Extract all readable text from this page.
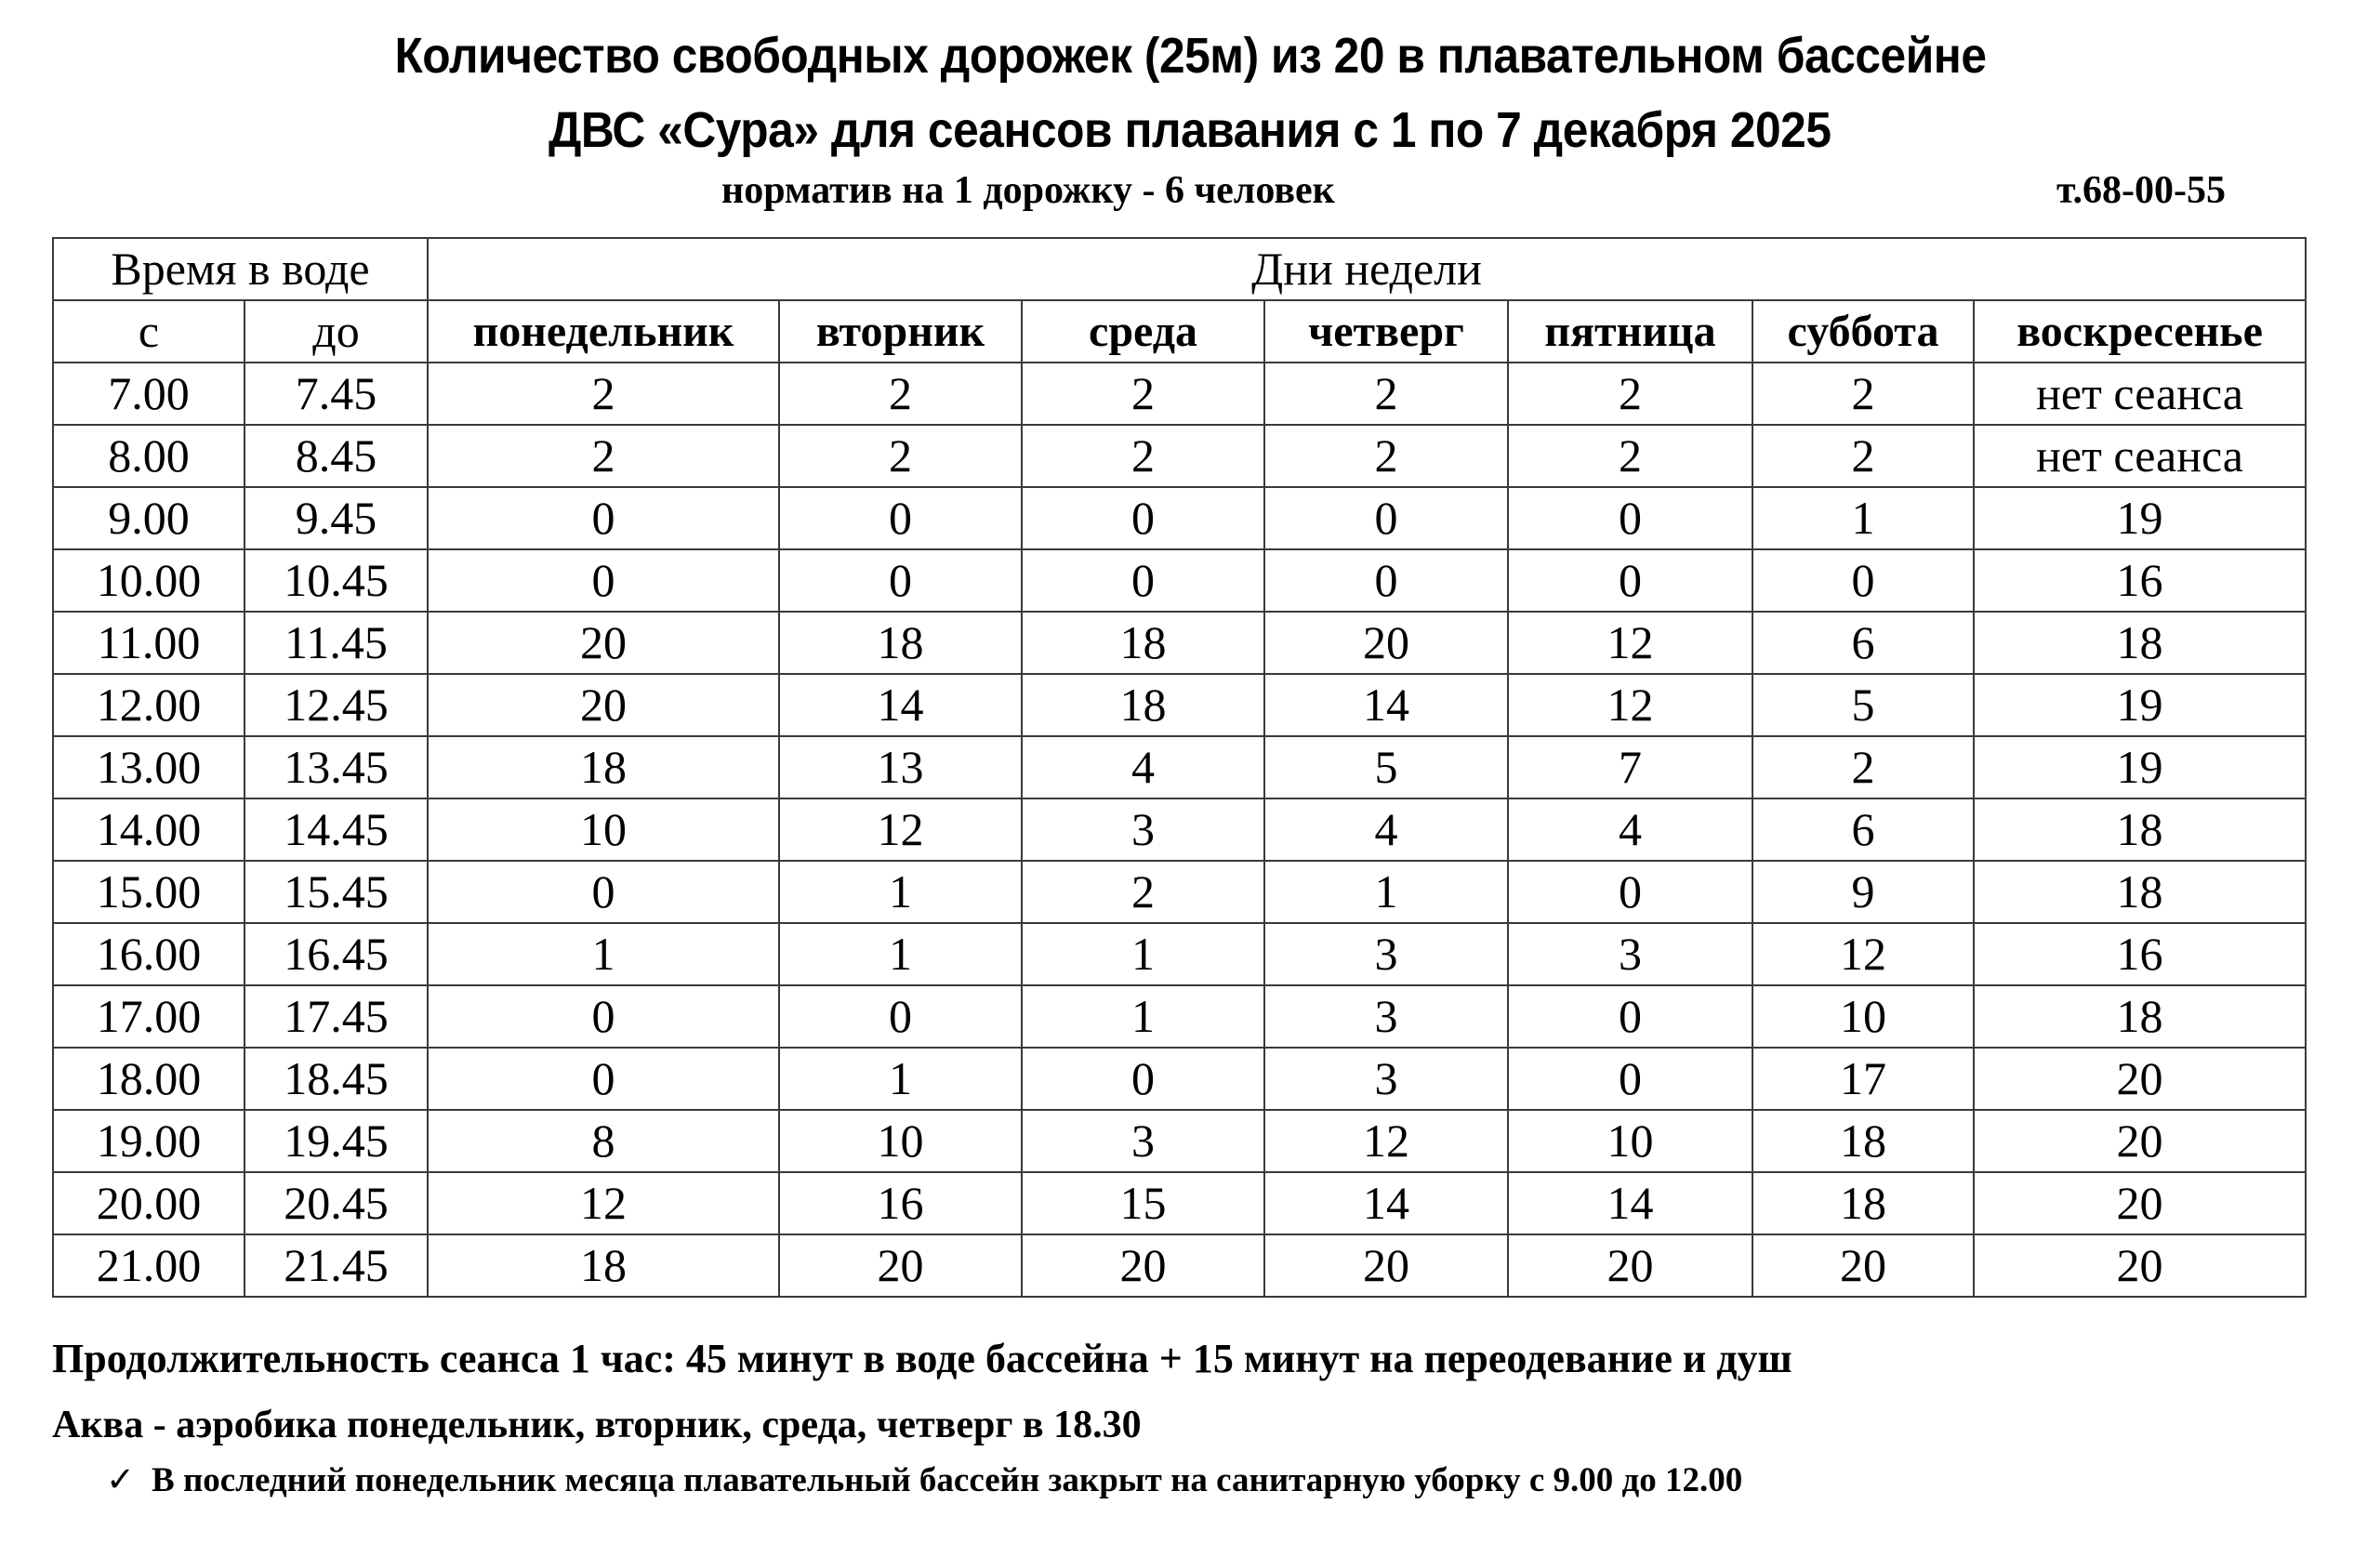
Количество свободных дорожек (25м) из 20 в плавательном бассейне
ДВС «Сура» для сеансов плавания с 1 по 7 декабря 2025
норматив на 1 дорожку - 6 человек	т.68-00-55
Время в воде		Дни недели						
с	до	понедельник	вторник	среда	четверг	пятница	суббота	воскресенье
7.00	7.45	2	2	2	2	2	2	нет сеанса
8.00	8.45	2	2	2	2	2	2	нет сеанса
9.00	9.45	0	0	0	0	0	1	19
10.00	10.45	0	0	0	0	0	0	16
11.00	11.45	20	18	18	20	12	6	18
12.00	12.45	20	14	18	14	12	5	19
13.00	13.45	18	13	4	5	7	2	19
14.00	14.45	10	12	3	4	4	6	18
15.00	15.45	0	1	2	1	0	9	18
16.00	16.45	1	1	1	3	3	12	16
17.00	17.45	0	0	1	3	0	10	18
18.00	18.45	0	1	0	3	0	17	20
19.00	19.45	8	10	3	12	10	18	20
20.00	20.45	12	16	15	14	14	18	20
21.00	21.45	18	20	20	20	20	20	20
Продолжительность сеанса 1 час: 45 минут в воде бассейна + 15 минут на переодевание и душ
Аква - аэробика понедельник, вторник, среда, четверг в 18.30
✓ В последний понедельник месяца плавательный бассейн закрыт на санитарную уборку с 9.00 до 12.00
